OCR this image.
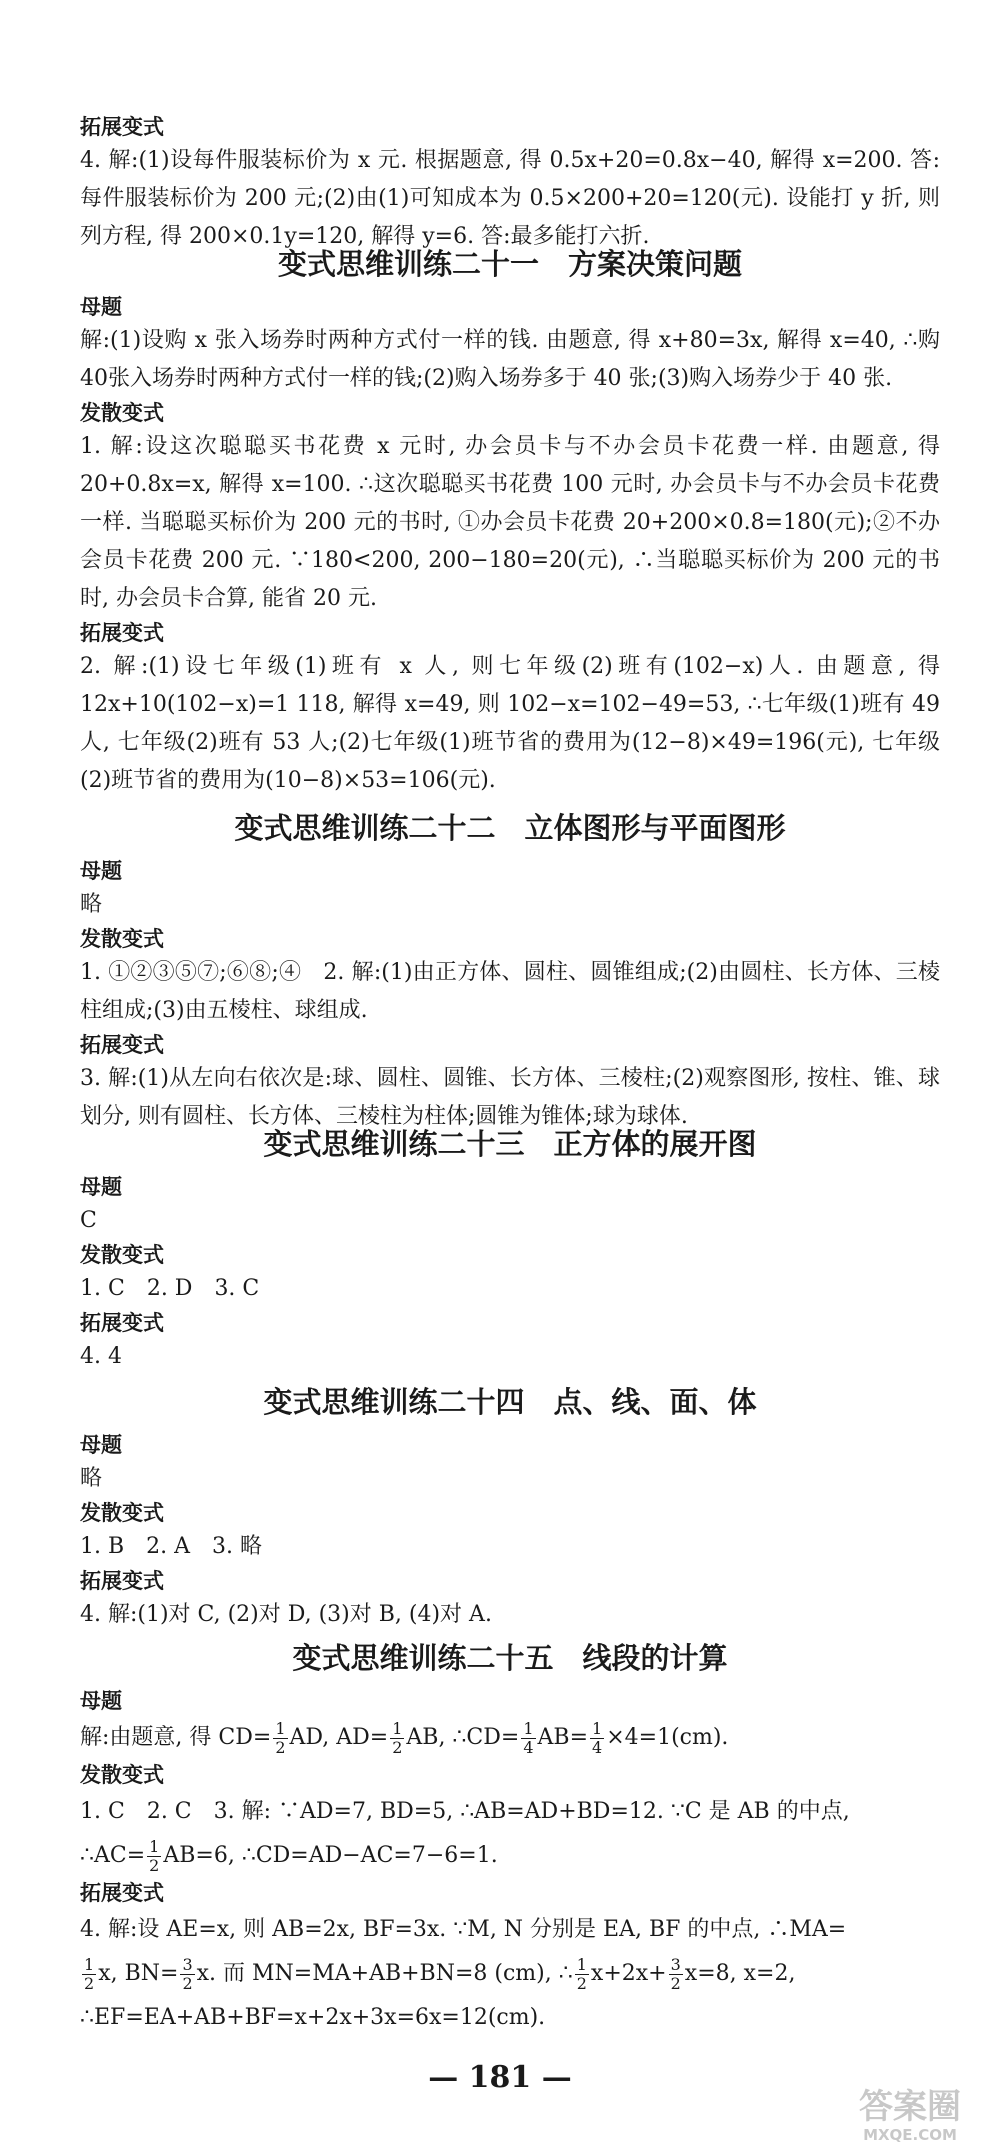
拓展变式

4. 解:(1)设每件服装标价为 x 元. 根据题意, 得 0.5x+20=0.8x−40, 解得 x=200. 答:每件服装标价为 200 元;(2)由(1)可知成本为 0.5×200+20=120(元). 设能打 y 折, 则列方程, 得 200×0.1y=120, 解得 y=6. 答:最多能打六折.

变式思维训练二十一　方案决策问题

母题

解:(1)设购 x 张入场券时两种方式付一样的钱. 由题意, 得 x+80=3x, 解得 x=40, ∴购40张入场券时两种方式付一样的钱;(2)购入场券多于 40 张;(3)购入场券少于 40 张.

发散变式

1. 解:设这次聪聪买书花费 x 元时, 办会员卡与不办会员卡花费一样. 由题意, 得 20+0.8x=x, 解得 x=100. ∴这次聪聪买书花费 100 元时, 办会员卡与不办会员卡花费一样. 当聪聪买标价为 200 元的书时, ①办会员卡花费 20+200×0.8=180(元);②不办会员卡花费 200 元. ∵180<200, 200−180=20(元), ∴当聪聪买标价为 200 元的书时, 办会员卡合算, 能省 20 元.

拓展变式

2. 解:(1)设七年级(1)班有 x 人, 则七年级(2)班有(102−x)人. 由题意, 得 12x+10(102−x)=1 118, 解得 x=49, 则 102−x=102−49=53, ∴七年级(1)班有 49 人, 七年级(2)班有 53 人;(2)七年级(1)班节省的费用为(12−8)×49=196(元), 七年级(2)班节省的费用为(10−8)×53=106(元).

变式思维训练二十二　立体图形与平面图形

母题

略

发散变式

1. ①②③⑤⑦;⑥⑧;④　2. 解:(1)由正方体、圆柱、圆锥组成;(2)由圆柱、长方体、三棱柱组成;(3)由五棱柱、球组成.

拓展变式

3. 解:(1)从左向右依次是:球、圆柱、圆锥、长方体、三棱柱;(2)观察图形, 按柱、锥、球划分, 则有圆柱、长方体、三棱柱为柱体;圆锥为锥体;球为球体.

变式思维训练二十三　正方体的展开图

母题

C

发散变式

1. C　2. D　3. C

拓展变式

4. 4

变式思维训练二十四　点、线、面、体

母题

略

发散变式

1. B　2. A　3. 略

拓展变式

4. 解:(1)对 C, (2)对 D, (3)对 B, (4)对 A.

变式思维训练二十五　线段的计算

母题

解:由题意, 得 $CD= \frac{1}{2}$ AD, $AD= \frac{1}{2}$ AB, ∴CD= $\frac{1}{4} AB= \frac{1}{4} \times 4=1(cm)$.

发散变式

1. C　2. C　3. 解: ∵AD=7, BD=5, ∴AB=AD+BD=12. ∵C 是 AB 的中点,
∴AC= $\frac{1}{2} AB=6$, ∴CD=AD−AC=7−6=1.

拓展变式

4. 解:设 AE=x, 则 AB=2x, BF=3x. ∵M, N 分别是 EA, BF 的中点, ∴MA=

$\frac{1}{2} x$, $BN= \frac{3}{2} x$. 而 MN=MA+AB+BN=8 (cm), ∴ $\frac{1}{2} x+2x+ \frac{3}{2} x=8$, x=2,
∴EF=EA+AB+BF=x+2x+3x=6x=12(cm).

— 181 —
答案圈
MXQE.COM
